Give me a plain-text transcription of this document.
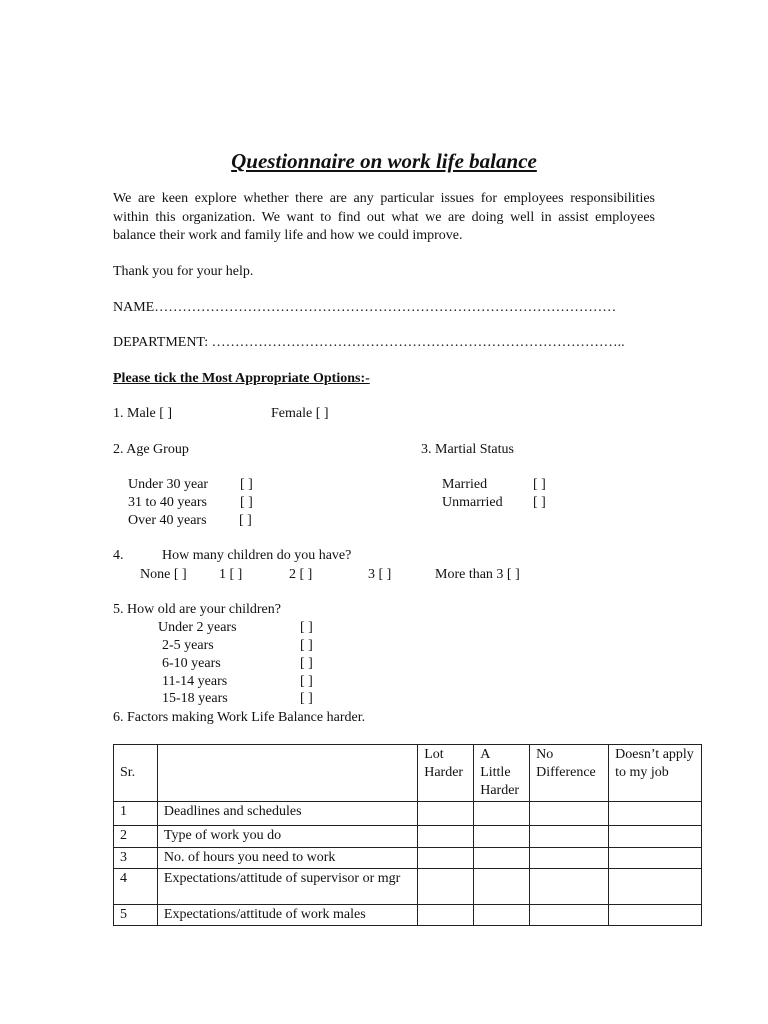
Questionnaire on work life balance

We are keen explore whether there are any particular issues for employees responsibilities within this organization. We want to find out what we are doing well in assist employees balance their work and family life and how we could improve.

Thank you for your help.
NAME………………………………………………………………………………………
DEPARTMENT: ……………………………………………………………………………..
Please tick the Most Appropriate Options:-
1. Male [ ]	Female [ ]
2. Age Group
Under 30 year [ ]
31 to 40 years [ ]
Over 40 years [ ]
3. Martial Status
Married	[ ]
Unmarried [ ]
4.	How many children do you have?
None [ ] 1 [ ]	2 [ ]	3 [ ]	More than 3 [ ]
5. How old are your children?
Under 2 years	[ ]
2-5 years	[ ]
6-10 years	[ ]
11-14 years	[ ]
15-18 years	[ ]
6. Factors making Work Life Balance harder.
Sr.		Lot Harder	A Little Harder	No Difference	Doesn’t apply to my job
1	Deadlines and schedules				
2	Type of work you do				
3	No. of hours you need to work				
4	Expectations/attitude of supervisor or mgr				
5	Expectations/attitude of work males				
